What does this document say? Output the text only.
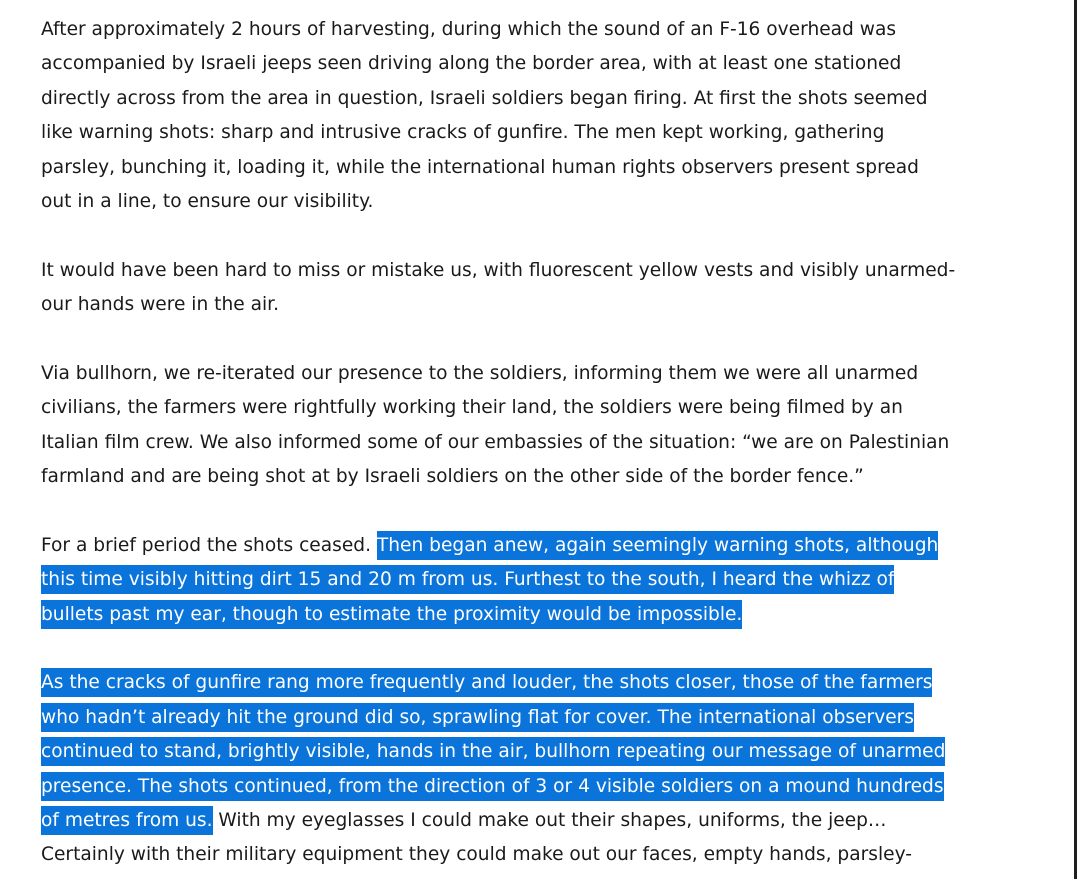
After approximately 2 hours of harvesting, during which the sound of an F-16 overhead was
accompanied by Israeli jeeps seen driving along the border area, with at least one stationed
directly across from the area in question, Israeli soldiers began firing. At first the shots seemed
like warning shots: sharp and intrusive cracks of gunfire. The men kept working, gathering
parsley, bunching it, loading it, while the international human rights observers present spread
out in a line, to ensure our visibility.
It would have been hard to miss or mistake us, with fluorescent yellow vests and visibly unarmed-
our hands were in the air.
Via bullhorn, we re-iterated our presence to the soldiers, informing them we were all unarmed
civilians, the farmers were rightfully working their land, the soldiers were being filmed by an
Italian film crew. We also informed some of our embassies of the situation: “we are on Palestinian
farmland and are being shot at by Israeli soldiers on the other side of the border fence.”
For a brief period the shots ceased. Then began anew, again seemingly warning shots, although
this time visibly hitting dirt 15 and 20 m from us. Furthest to the south, I heard the whizz of
bullets past my ear, though to estimate the proximity would be impossible.
As the cracks of gunfire rang more frequently and louder, the shots closer, those of the farmers
who hadn’t already hit the ground did so, sprawling flat for cover. The international observers
continued to stand, brightly visible, hands in the air, bullhorn repeating our message of unarmed
presence. The shots continued, from the direction of 3 or 4 visible soldiers on a mound hundreds
of metres from us. With my eyeglasses I could make out their shapes, uniforms, the jeep…
Certainly with their military equipment they could make out our faces, empty hands, parsley-
